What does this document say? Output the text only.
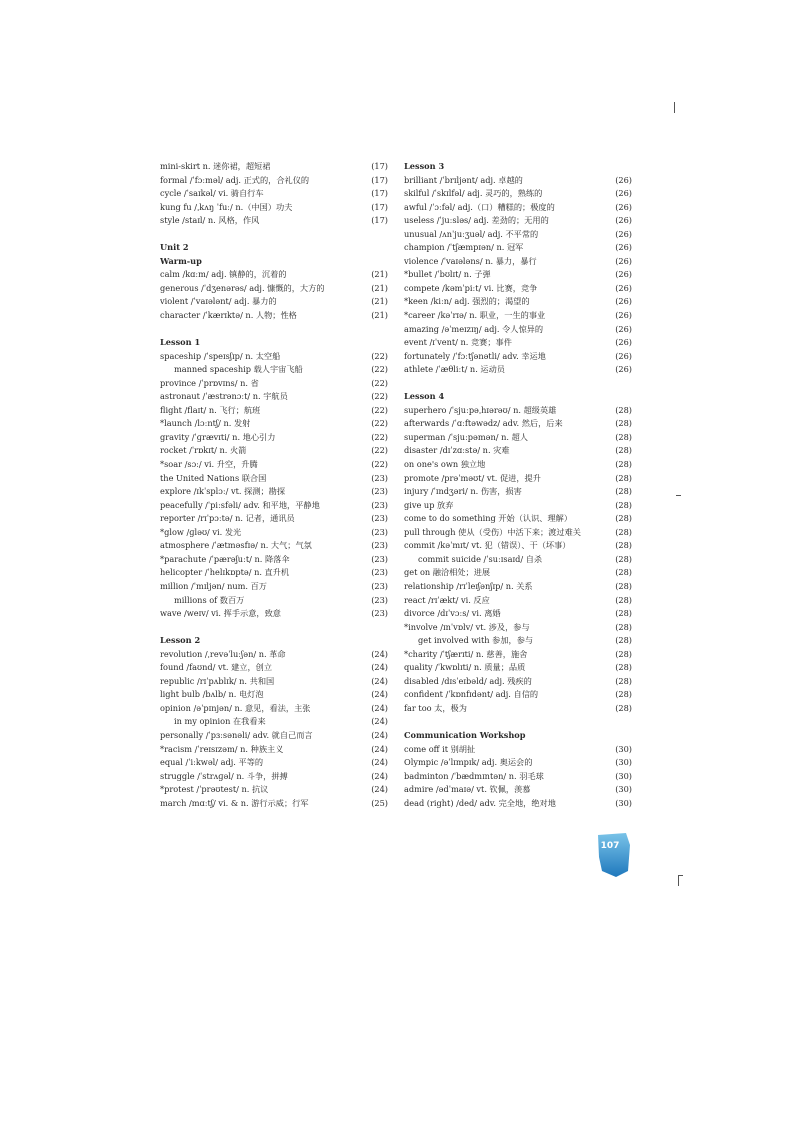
mini-skirt n. 迷你裙，超短裙	(17)
formal /ˈfɔːməl/ adj. 正式的，合礼仪的	(17)
cycle /ˈsaɪkəl/ vi. 骑自行车	(17)
kung fu /ˌkʌŋ ˈfuː/ n.（中国）功夫	(17)
style /staɪl/ n. 风格，作风	(17)
Unit 2
Warm-up
calm /kɑːm/ adj. 镇静的，沉着的	(21)
generous /ˈdʒenərəs/ adj. 慷慨的，大方的	(21)
violent /ˈvaɪələnt/ adj. 暴力的	(21)
character /ˈkærɪktə/ n. 人物；性格	(21)
Lesson 1
spaceship /ˈspeɪsʃɪp/ n. 太空船	(22)
manned spaceship 载人宇宙飞船	(22)
province /ˈprɒvɪns/ n. 省	(22)
astronaut /ˈæstrənɔːt/ n. 宇航员	(22)
flight /flaɪt/ n. 飞行；航班	(22)
*launch /lɔːntʃ/ n. 发射	(22)
gravity /ˈɡrævɪti/ n. 地心引力	(22)
rocket /ˈrɒkɪt/ n. 火箭	(22)
*soar /sɔː/ vi. 升空，升腾	(22)
the United Nations 联合国	(23)
explore /ɪkˈsplɔː/ vt. 探测；勘探	(23)
peacefully /ˈpiːsfəli/ adv. 和平地，平静地	(23)
reporter /rɪˈpɔːtə/ n. 记者，通讯员	(23)
*glow /ɡləʊ/ vi. 发光	(23)
atmosphere /ˈætməsfɪə/ n. 大气；气氛	(23)
*parachute /ˈpærəʃuːt/ n. 降落伞	(23)
helicopter /ˈhelɪkɒptə/ n. 直升机	(23)
million /ˈmɪljən/ num. 百万	(23)
millions of 数百万	(23)
wave /weɪv/ vi. 挥手示意，致意	(23)
Lesson 2
revolution /ˌrevəˈluːʃən/ n. 革命	(24)
found /faʊnd/ vt. 建立，创立	(24)
republic /rɪˈpʌblɪk/ n. 共和国	(24)
light bulb /bʌlb/ n. 电灯泡	(24)
opinion /əˈpɪnjən/ n. 意见，看法，主张	(24)
in my opinion 在我看来	(24)
personally /ˈpɜːsənəli/ adv. 就自己而言	(24)
*racism /ˈreɪsɪzəm/ n. 种族主义	(24)
equal /ˈiːkwəl/ adj. 平等的	(24)
struggle /ˈstrʌɡəl/ n. 斗争，拼搏	(24)
*protest /ˈprəʊtest/ n. 抗议	(24)
march /mɑːtʃ/ vi. & n. 游行示威；行军	(25)
Lesson 3
brilliant /ˈbrɪljənt/ adj. 卓越的	(26)
skilful /ˈskɪlfəl/ adj. 灵巧的，熟练的	(26)
awful /ˈɔːfəl/ adj.（口）糟糕的；极度的	(26)
useless /ˈjuːsləs/ adj. 差劲的；无用的	(26)
unusual /ʌnˈjuːʒuəl/ adj. 不平常的	(26)
champion /ˈtʃæmpɪən/ n. 冠军	(26)
violence /ˈvaɪələns/ n. 暴力，暴行	(26)
*bullet /ˈbʊlɪt/ n. 子弹	(26)
compete /kəmˈpiːt/ vi. 比赛，竞争	(26)
*keen /kiːn/ adj. 强烈的；渴望的	(26)
*career /kəˈrɪə/ n. 职业，一生的事业	(26)
amazing /əˈmeɪzɪŋ/ adj. 令人惊异的	(26)
event /ɪˈvent/ n. 竞赛；事件	(26)
fortunately /ˈfɔːtʃənətli/ adv. 幸运地	(26)
athlete /ˈæθliːt/ n. 运动员	(26)
Lesson 4
superhero /ˈsjuːpəˌhɪərəʊ/ n. 超级英雄	(28)
afterwards /ˈɑːftəwədz/ adv. 然后，后来	(28)
superman /ˈsjuːpəmən/ n. 超人	(28)
disaster /dɪˈzɑːstə/ n. 灾难	(28)
on one's own 独立地	(28)
promote /prəˈməʊt/ vt. 促进，提升	(28)
injury /ˈɪndʒəri/ n. 伤害，损害	(28)
give up 放弃	(28)
come to do something 开始（认识、理解）	(28)
pull through 使从（受伤）中活下来；渡过难关	(28)
commit /kəˈmɪt/ vt. 犯（错误）、干（坏事）	(28)
commit suicide /ˈsuːɪsaɪd/ 自杀	(28)
get on 融洽相处；进展	(28)
relationship /rɪˈleɪʃənʃɪp/ n. 关系	(28)
react /rɪˈækt/ vi. 反应	(28)
divorce /dɪˈvɔːs/ vi. 离婚	(28)
*involve /ɪnˈvɒlv/ vt. 涉及，参与	(28)
get involved with 参加，参与	(28)
*charity /ˈtʃærɪti/ n. 慈善，施舍	(28)
quality /ˈkwɒlɪti/ n. 质量；品质	(28)
disabled /dɪsˈeɪbəld/ adj. 残疾的	(28)
confident /ˈkɒnfɪdənt/ adj. 自信的	(28)
far too 太，极为	(28)
Communication Workshop
come off it 别胡扯	(30)
Olympic /əˈlɪmpɪk/ adj. 奥运会的	(30)
badminton /ˈbædmɪntən/ n. 羽毛球	(30)
admire /ədˈmaɪə/ vt. 钦佩，羡慕	(30)
dead (right) /ded/ adv. 完全地，绝对地	(30)
107
